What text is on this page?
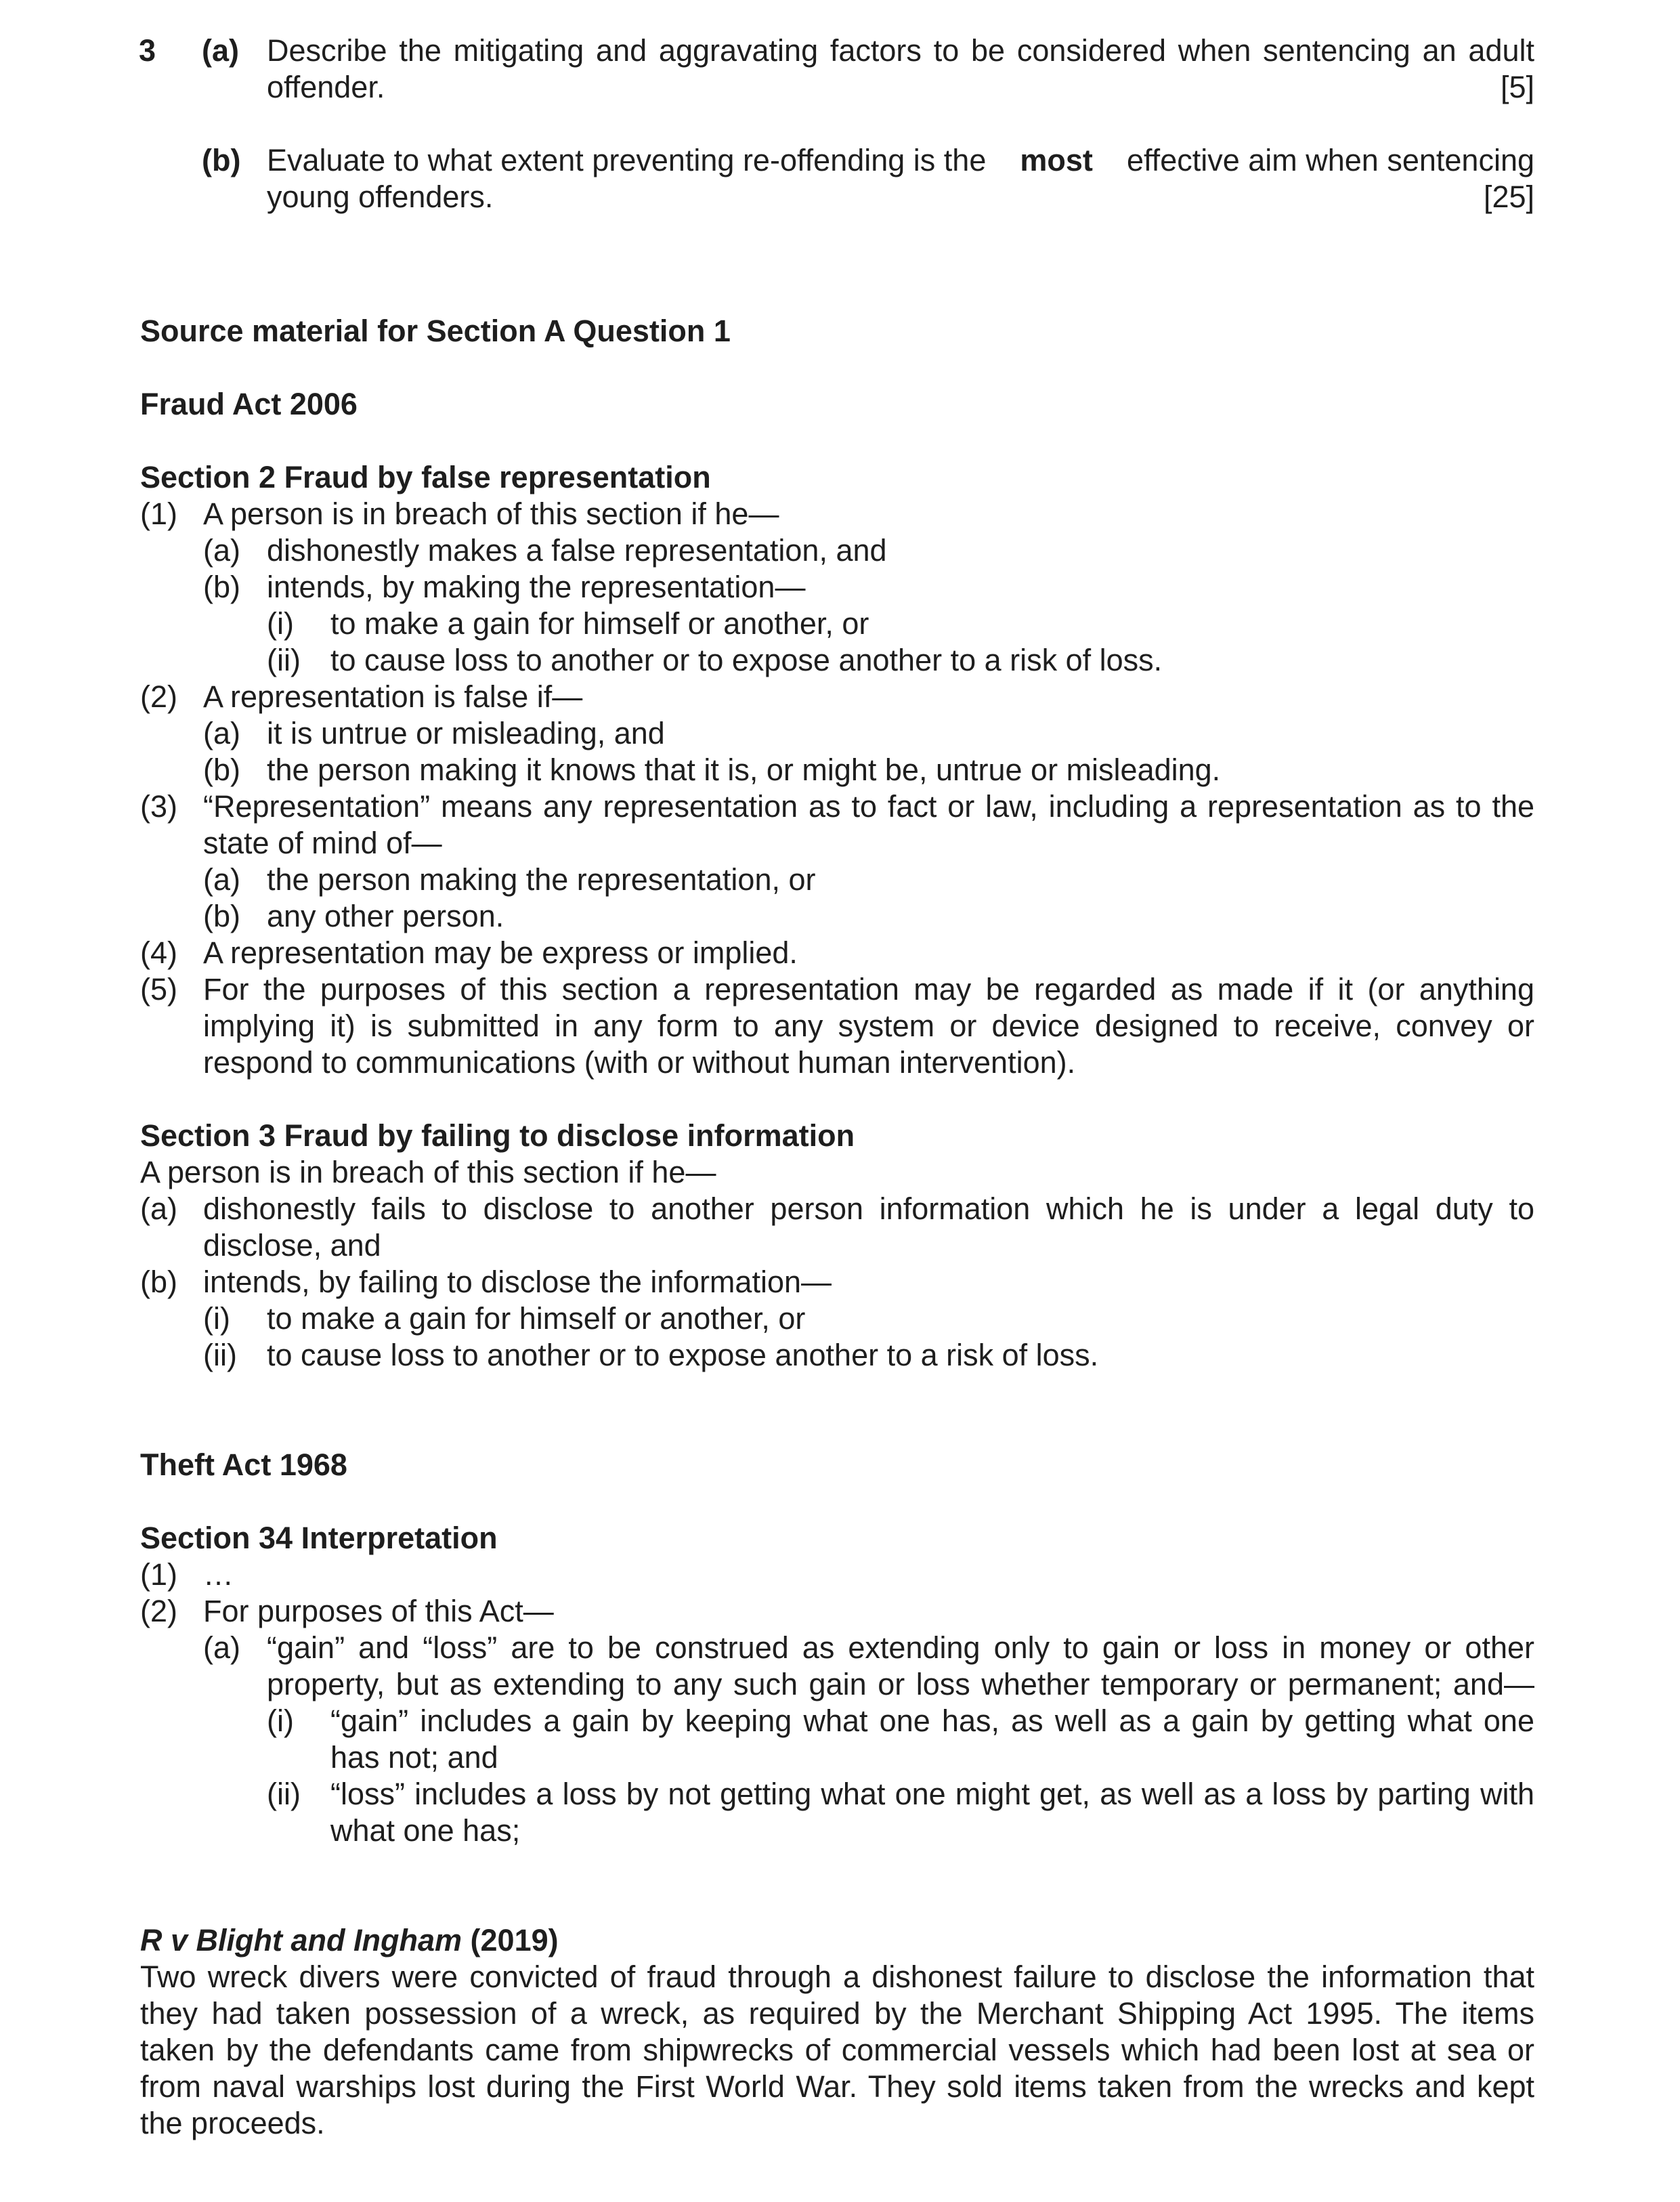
3 (a) Describe the mitigating and aggravating factors to be considered when sentencing an adult
offender.	[5]
(b) Evaluate to what extent preventing re-offending is the most effective aim when sentencing
young offenders.	[25]
Source material for Section A Question 1
Fraud Act 2006
Section 2 Fraud by false representation
(1) A person is in breach of this section if he—
(a) dishonestly makes a false representation, and
(b) intends, by making the representation—
(i) to make a gain for himself or another, or
(ii) to cause loss to another or to expose another to a risk of loss.
(2) A representation is false if—
(a) it is untrue or misleading, and
(b) the person making it knows that it is, or might be, untrue or misleading.
(3) “Representation” means any representation as to fact or law, including a representation as to the
state of mind of—
(a) the person making the representation, or
(b) any other person.
(4) A representation may be express or implied.
(5) For the purposes of this section a representation may be regarded as made if it (or anything
implying it) is submitted in any form to any system or device designed to receive, convey or
respond to communications (with or without human intervention).
Section 3 Fraud by failing to disclose information
A person is in breach of this section if he—
(a) dishonestly fails to disclose to another person information which he is under a legal duty to
disclose, and
(b) intends, by failing to disclose the information—
(i) to make a gain for himself or another, or
(ii) to cause loss to another or to expose another to a risk of loss.
Theft Act 1968
Section 34 Interpretation
(1) …
(2) For purposes of this Act—
(a) “gain” and “loss” are to be construed as extending only to gain or loss in money or other
property, but as extending to any such gain or loss whether temporary or permanent; and—
(i) “gain” includes a gain by keeping what one has, as well as a gain by getting what one
has not; and
(ii) “loss” includes a loss by not getting what one might get, as well as a loss by parting with
what one has;
R v Blight and Ingham (2019)
Two wreck divers were convicted of fraud through a dishonest failure to disclose the information that
they had taken possession of a wreck, as required by the Merchant Shipping Act 1995. The items
taken by the defendants came from shipwrecks of commercial vessels which had been lost at sea or
from naval warships lost during the First World War. They sold items taken from the wrecks and kept
the proceeds.
